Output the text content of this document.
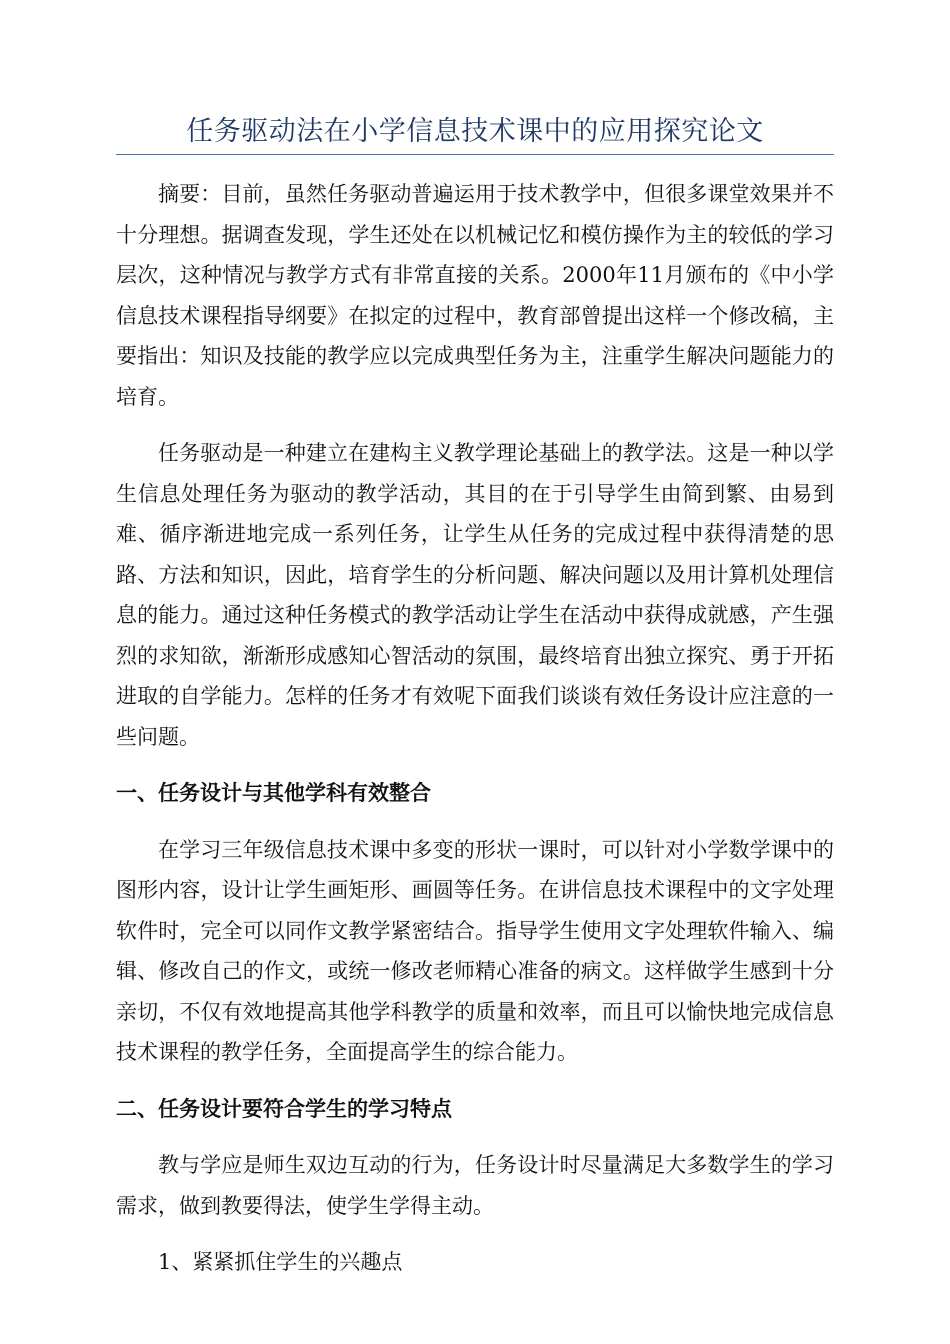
任务驱动法在小学信息技术课中的应用探究论文

摘要：目前，虽然任务驱动普遍运用于技术教学中，但很多课堂效果并不十分理想。据调查发现，学生还处在以机械记忆和模仿操作为主的较低的学习层次，这种情况与教学方式有非常直接的关系。2000年11月颁布的《中小学信息技术课程指导纲要》在拟定的过程中，教育部曾提出这样一个修改稿，主要指出：知识及技能的教学应以完成典型任务为主，注重学生解决问题能力的培育。

任务驱动是一种建立在建构主义教学理论基础上的教学法。这是一种以学生信息处理任务为驱动的教学活动，其目的在于引导学生由简到繁、由易到难、循序渐进地完成一系列任务，让学生从任务的完成过程中获得清楚的思路、方法和知识，因此，培育学生的分析问题、解决问题以及用计算机处理信息的能力。通过这种任务模式的教学活动让学生在活动中获得成就感，产生强烈的求知欲，渐渐形成感知心智活动的氛围，最终培育出独立探究、勇于开拓进取的自学能力。怎样的任务才有效呢下面我们谈谈有效任务设计应注意的一些问题。

一、任务设计与其他学科有效整合

在学习三年级信息技术课中多变的形状一课时，可以针对小学数学课中的图形内容，设计让学生画矩形、画圆等任务。在讲信息技术课程中的文字处理软件时，完全可以同作文教学紧密结合。指导学生使用文字处理软件输入、编辑、修改自己的作文，或统一修改老师精心准备的病文。这样做学生感到十分亲切，不仅有效地提高其他学科教学的质量和效率，而且可以愉快地完成信息技术课程的教学任务，全面提高学生的综合能力。

二、任务设计要符合学生的学习特点

教与学应是师生双边互动的行为，任务设计时尽量满足大多数学生的学习需求，做到教要得法，使学生学得主动。

1、紧紧抓住学生的兴趣点
